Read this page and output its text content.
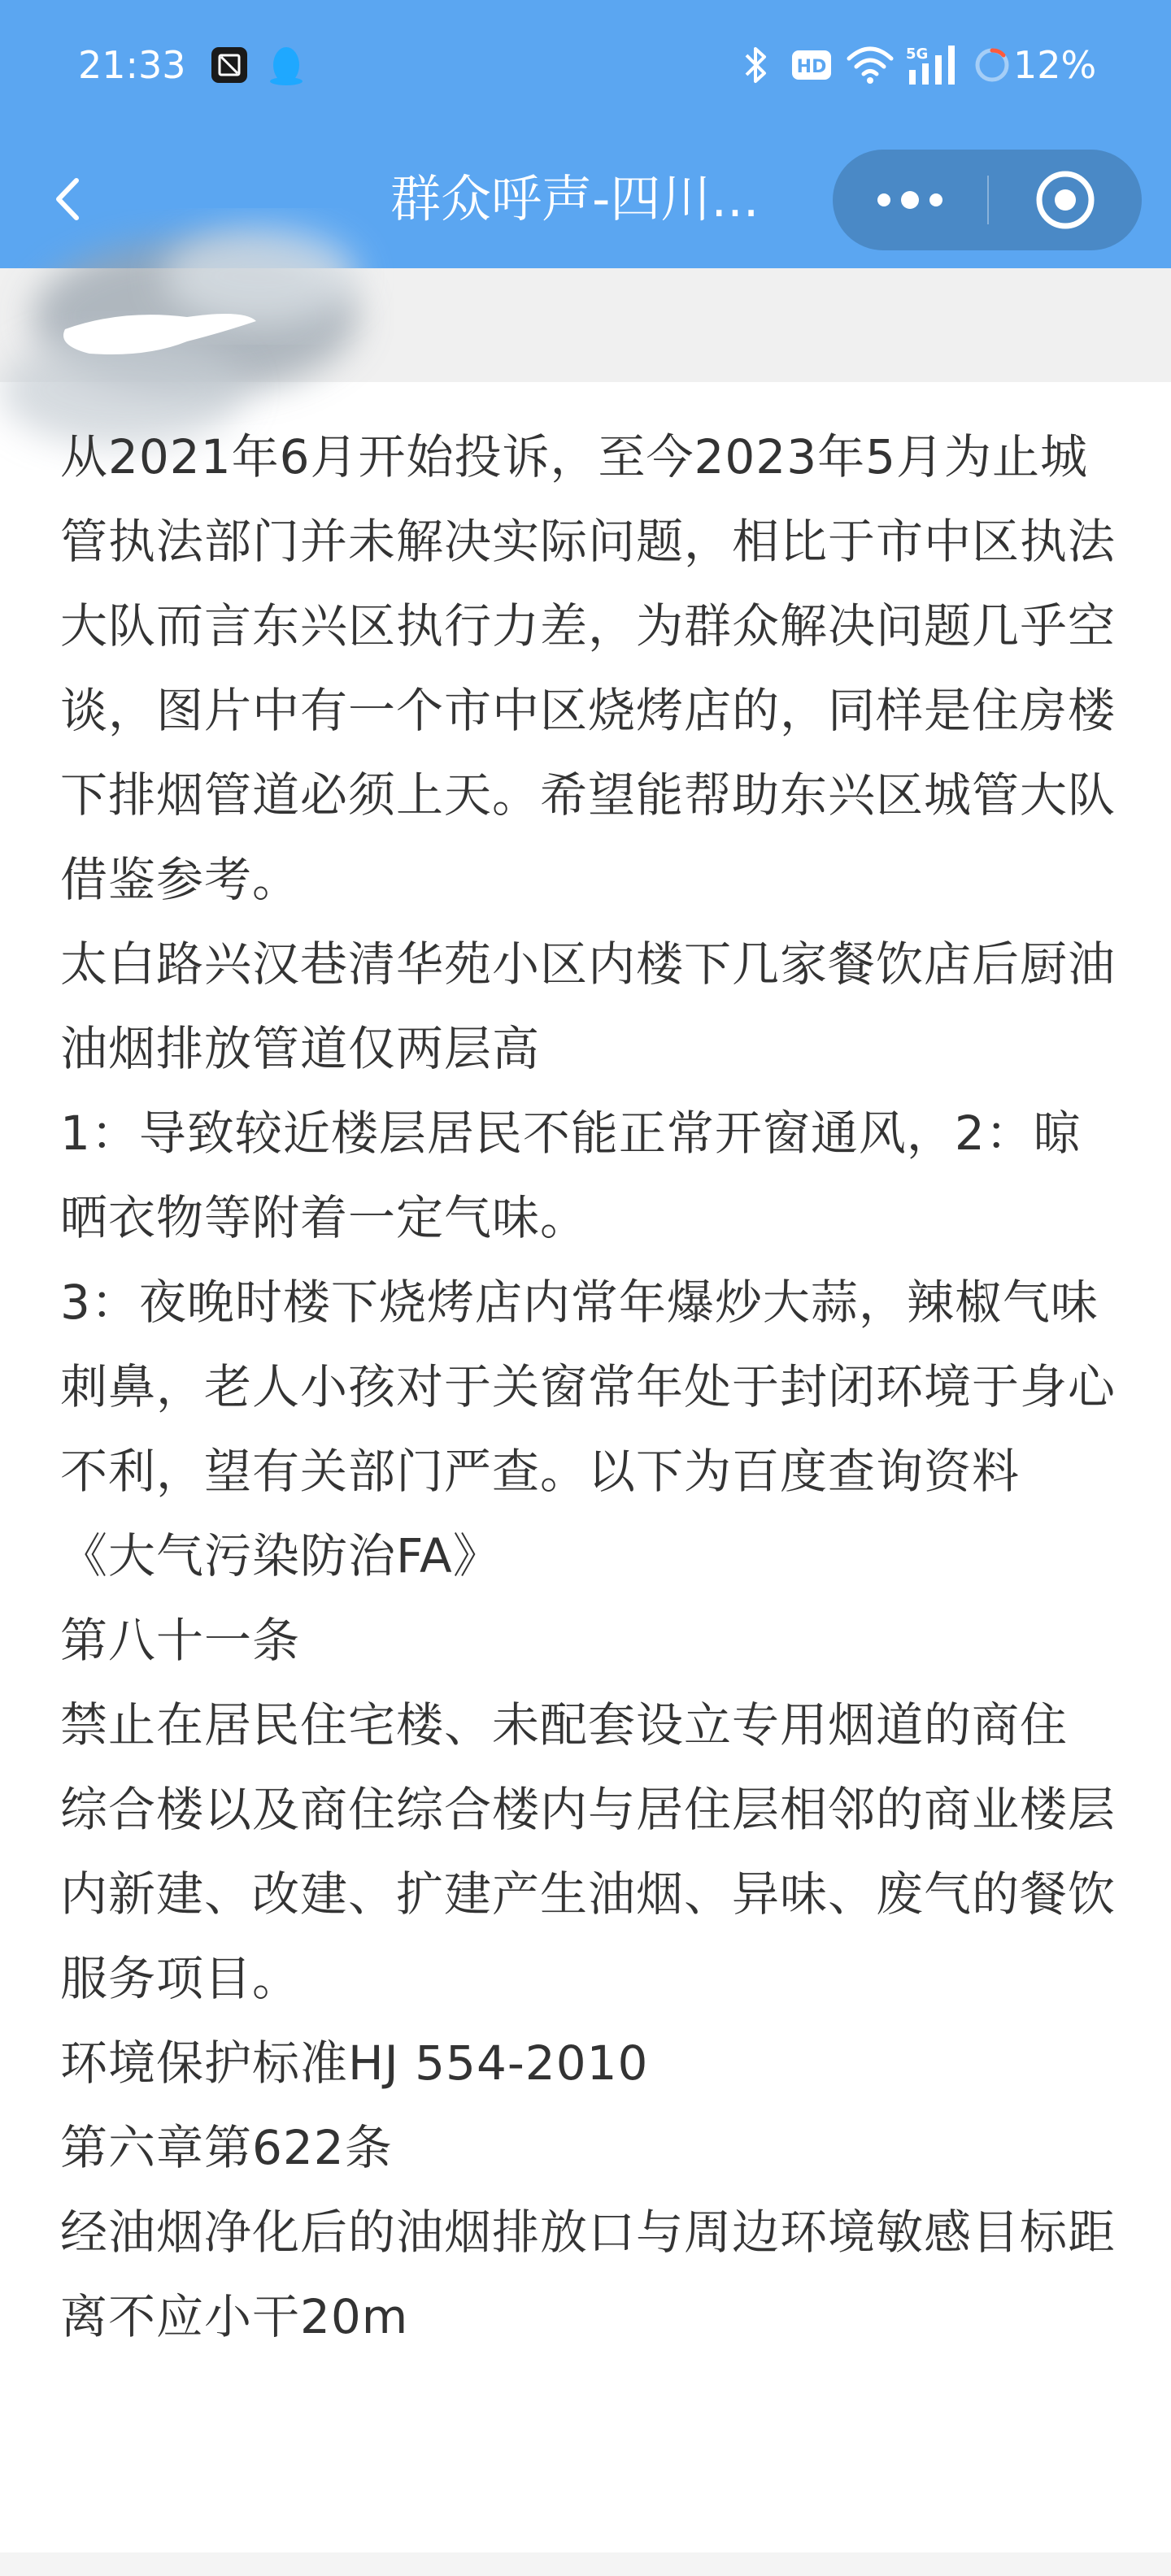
21:33	HD
5G 12%
群众呼声-四川...

从2021年6月开始投诉，至今2023年5月为止城管执法部门并未解决实际问题，相比于市中区执法大队而言东兴区执行力差，为群众解决问题几乎空谈，图片中有一个市中区烧烤店的，同样是住房楼下排烟管道必须上天。希望能帮助东兴区城管大队借鉴参考。

太白路兴汉巷清华苑小区内楼下几家餐饮店后厨油油烟排放管道仅两层高

1：导致较近楼层居民不能正常开窗通风，2：晾晒衣物等附着一定气味。

3：夜晚时楼下烧烤店内常年爆炒大蒜，辣椒气味刺鼻，老人小孩对于关窗常年处于封闭环境于身心不利，望有关部门严查。以下为百度查询资料

《大气污染防治FA》

第八十一条

禁止在居民住宅楼、未配套设立专用烟道的商住

综合楼以及商住综合楼内与居住层相邻的商业楼层内新建、改建、扩建产生油烟、异味、废气的餐饮服务项目。

环境保护标准HJ 554-2010

第六章第622条

经油烟净化后的油烟排放口与周边环境敏感目标距离不应小干20m
